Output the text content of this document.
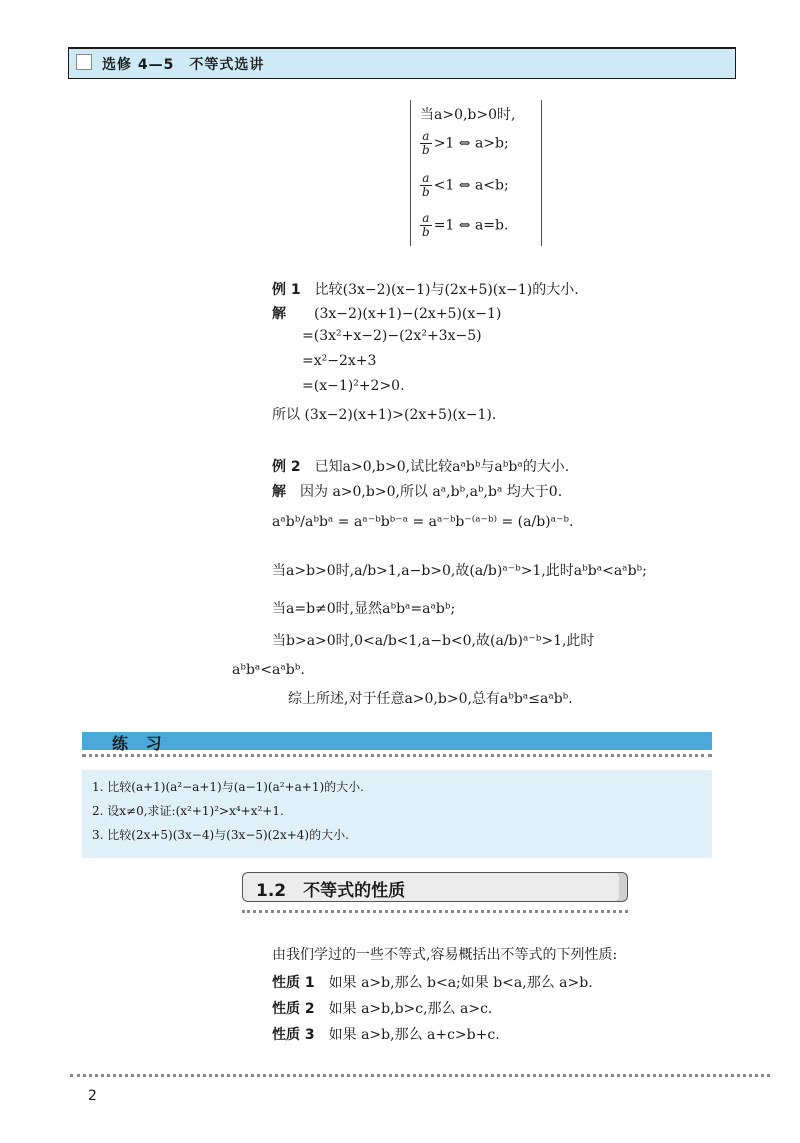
选修 4—5　不等式选讲
当a>0,b>0时,
$\frac{a}{b} >1$ ⇔ a>b;
$\frac{a}{b} <1$ ⇔ a<b;
$\frac{a}{b} =1$ ⇔ a=b.
例 1　 比较(3x−2)(x−1)与(2x+5)(x−1)的大小.
解　　 (3x−2)(x+1)−(2x+5)(x−1)
=(3x²+x−2)−(2x²+3x−5)
=x²−2x+3
=(x−1)²+2>0.
所以 (3x−2)(x+1)>(2x+5)(x−1).
例 2　 已知a>0,b>0,试比较aᵃbᵇ与aᵇbᵃ的大小.
解　 因为 a>0,b>0,所以 aᵃ,bᵇ,aᵇ,bᵃ 均大于0.
aᵃbᵇ/aᵇbᵃ = aᵃ⁻ᵇbᵇ⁻ᵃ = aᵃ⁻ᵇb⁻⁽ᵃ⁻ᵇ⁾ = (a/b)ᵃ⁻ᵇ.
当a>b>0时,a/b>1,a−b>0,故(a/b)ᵃ⁻ᵇ>1,此时aᵇbᵃ<aᵃbᵇ;
当a=b≠0时,显然aᵇbᵃ=aᵃbᵇ;
当b>a>0时,0<a/b<1,a−b<0,故(a/b)ᵃ⁻ᵇ>1,此时
aᵇbᵃ<aᵃbᵇ.
综上所述,对于任意a>0,b>0,总有aᵇbᵃ≤aᵃbᵇ.
练 习
1. 比较(a+1)(a²−a+1)与(a−1)(a²+a+1)的大小.
2. 设x≠0,求证:(x²+1)²>x⁴+x²+1.
3. 比较(2x+5)(3x−4)与(3x−5)(2x+4)的大小.
1.2　不等式的性质
由我们学过的一些不等式,容易概括出不等式的下列性质:
性质 1　 如果 a>b,那么 b<a;如果 b<a,那么 a>b.
性质 2　 如果 a>b,b>c,那么 a>c.
性质 3　 如果 a>b,那么 a+c>b+c.
2
